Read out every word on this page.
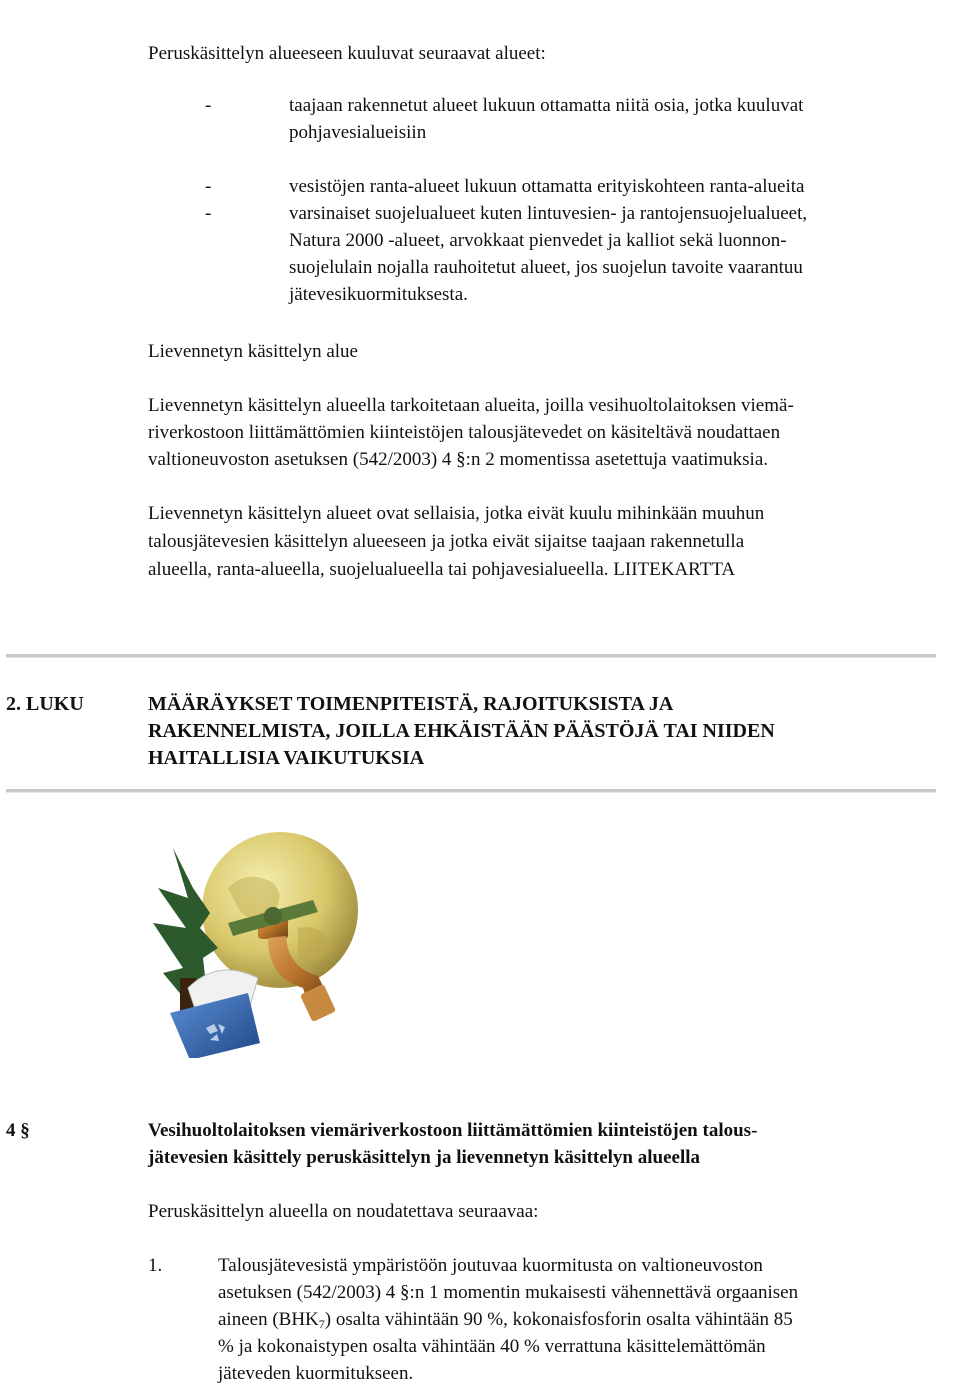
Peruskäsittelyn alueeseen kuuluvat seuraavat alueet:
-	taajaan rakennetut alueet lukuun ottamatta niitä osia, jotka kuuluvat
pohjavesialueisiin
-	vesistöjen ranta-alueet lukuun ottamatta erityiskohteen ranta-alueita
-	varsinaiset suojelualueet kuten lintuvesien- ja rantojensuojelualueet,
Natura 2000 -alueet, arvokkaat pienvedet ja kalliot sekä luonnon-
suojelulain nojalla rauhoitetut alueet, jos suojelun tavoite vaarantuu
jätevesikuormituksesta.
Lievennetyn käsittelyn alue
Lievennetyn käsittelyn alueella tarkoitetaan alueita, joilla vesihuoltolaitoksen viemä-
riverkostoon liittämättömien kiinteistöjen talousjätevedet on käsiteltävä noudattaen
valtioneuvoston asetuksen (542/2003) 4 §:n 2 momentissa asetettuja vaatimuksia.
Lievennetyn käsittelyn alueet ovat sellaisia, jotka eivät kuulu mihinkään muuhun
talousjätevesien käsittelyn alueeseen ja jotka eivät sijaitse taajaan rakennetulla
alueella, ranta-alueella, suojelualueella tai pohjavesialueella. LIITEKARTTA
2. LUKU	MÄÄRÄYKSET TOIMENPITEISTÄ, RAJOITUKSISTA JA
RAKENNELMISTA, JOILLA EHKÄISTÄÄN PÄÄSTÖJÄ TAI NIIDEN
HAITALLISIA VAIKUTUKSIA
4 §	Vesihuoltolaitoksen viemäriverkostoon liittämättömien kiinteistöjen talous-
jätevesien käsittely peruskäsittelyn ja lievennetyn käsittelyn alueella
Peruskäsittelyn alueella on noudatettava seuraavaa:
1.	Talousjätevesistä ympäristöön joutuvaa kuormitusta on valtioneuvoston
asetuksen (542/2003) 4 §:n 1 momentin mukaisesti vähennettävä orgaanisen
aineen $(BHK_7)$ osalta vähintään 90 %, kokonaisfosforin osalta vähintään 85
% ja kokonaistypen osalta vähintään 40 % verrattuna käsittelemättömän
jäteveden kuormitukseen.
